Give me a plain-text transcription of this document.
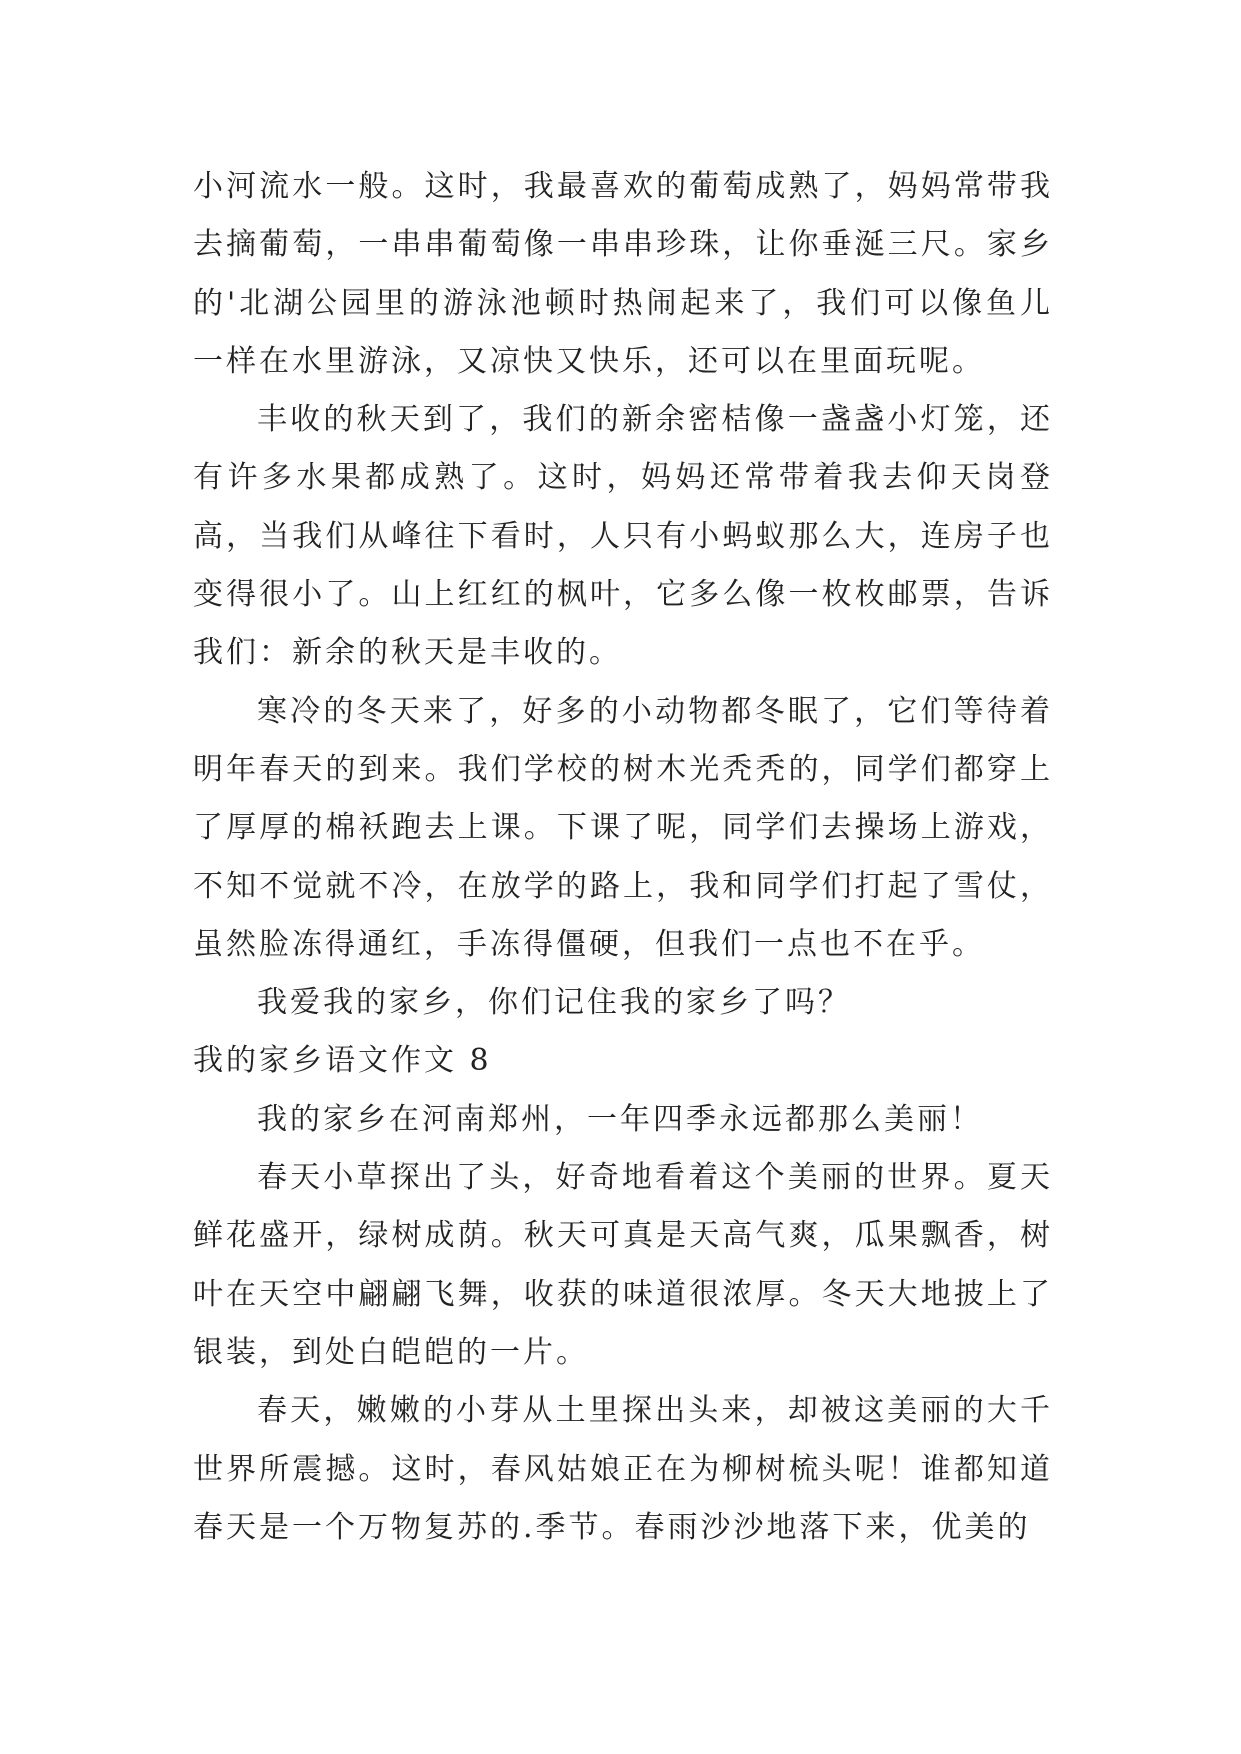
小河流水一般。这时，我最喜欢的葡萄成熟了，妈妈常带我去摘葡萄，一串串葡萄像一串串珍珠，让你垂涎三尺。家乡的'北湖公园里的游泳池顿时热闹起来了，我们可以像鱼儿一样在水里游泳，又凉快又快乐，还可以在里面玩呢。

丰收的秋天到了，我们的新余密桔像一盏盏小灯笼，还有许多水果都成熟了。这时，妈妈还常带着我去仰天岗登高，当我们从峰往下看时，人只有小蚂蚁那么大，连房子也变得很小了。山上红红的枫叶，它多么像一枚枚邮票，告诉我们：新余的秋天是丰收的。

寒冷的冬天来了，好多的小动物都冬眠了，它们等待着明年春天的到来。我们学校的树木光秃秃的，同学们都穿上了厚厚的棉袄跑去上课。下课了呢，同学们去操场上游戏，不知不觉就不冷，在放学的路上，我和同学们打起了雪仗，虽然脸冻得通红，手冻得僵硬，但我们一点也不在乎。

我爱我的家乡，你们记住我的家乡了吗？

我的家乡语文作文 8

我的家乡在河南郑州，一年四季永远都那么美丽！

春天小草探出了头，好奇地看着这个美丽的世界。夏天鲜花盛开，绿树成荫。秋天可真是天高气爽，瓜果飘香，树叶在天空中翩翩飞舞，收获的味道很浓厚。冬天大地披上了银装，到处白皑皑的一片。

春天，嫩嫩的小芽从土里探出头来，却被这美丽的大千世界所震撼。这时，春风姑娘正在为柳树梳头呢！谁都知道春天是一个万物复苏的.季节。春雨沙沙地落下来，优美的
